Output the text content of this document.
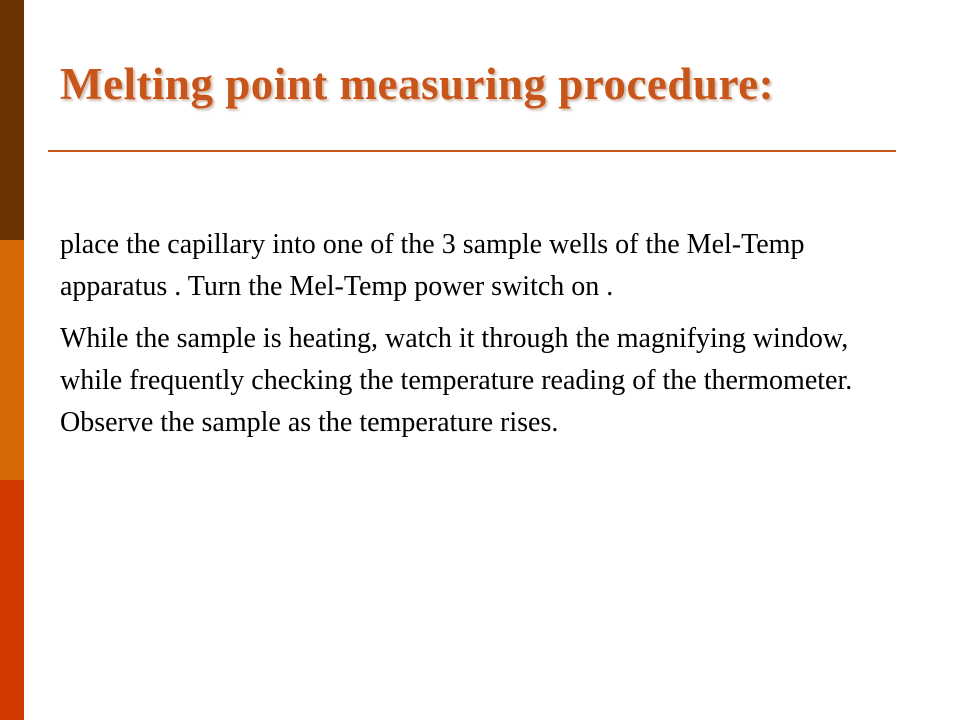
Melting point measuring procedure:

place the capillary into one of the 3 sample wells of the Mel-Temp apparatus . Turn the Mel-Temp power switch on .

While the sample is heating, watch it through the magnifying window, while frequently checking the temperature reading of the thermometer. Observe the sample as the temperature rises.
